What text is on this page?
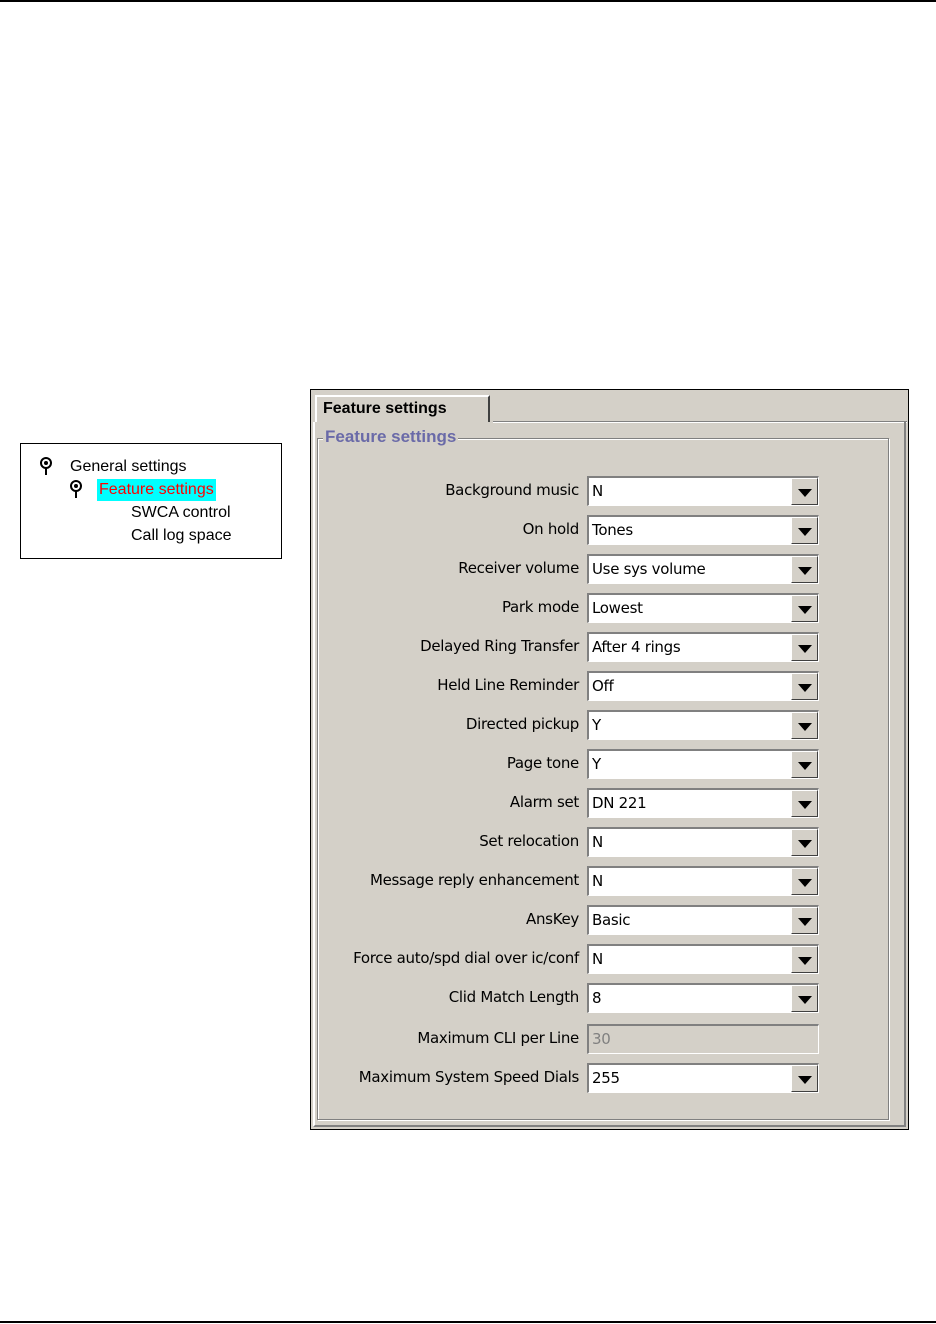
General settings
Feature settings
SWCA control
Call log space
Feature settings
Feature settings
Background music N
On hold Tones
Receiver volume Use sys volume
Park mode Lowest
Delayed Ring Transfer After 4 rings
Held Line Reminder Off
Directed pickup Y
Page tone Y
Alarm set DN 221
Set relocation N
Message reply enhancement N
AnsKey Basic
Force auto/spd dial over ic/conf N
Clid Match Length 8
Maximum CLI per Line 30
Maximum System Speed Dials 255
